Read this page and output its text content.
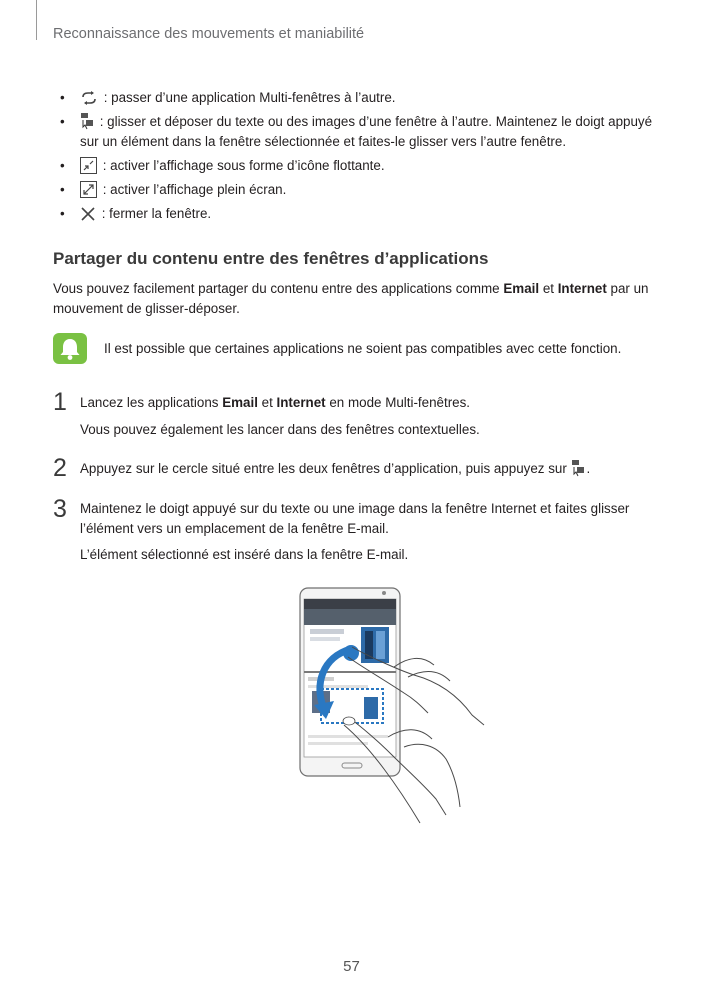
Reconnaissance des mouvements et maniabilité
•	: passer d’une application Multi-fenêtres à l’autre.
• : glisser et déposer du texte ou des images d’une fenêtre à l’autre. Maintenez le doigt appuyé sur un élément dans la fenêtre sélectionnée et faites-le glisser vers l’autre fenêtre.
•	: activer l’affichage sous forme d’icône flottante.
•	: activer l’affichage plein écran.
• : fermer la fenêtre.
Partager du contenu entre des fenêtres d’applications

Vous pouvez facilement partager du contenu entre des applications comme Email et Internet par un mouvement de glisser-déposer.

Il est possible que certaines applications ne soient pas compatibles avec cette fonction.

1 Lancez les applications Email et Internet en mode Multi-fenêtres.

Vous pouvez également les lancer dans des fenêtres contextuelles.

2 Appuyez sur le cercle situé entre les deux fenêtres d’application, puis appuyez sur .

3 Maintenez le doigt appuyé sur du texte ou une image dans la fenêtre Internet et faites glisser l’élément vers un emplacement de la fenêtre E-mail.

L’élément sélectionné est inséré dans la fenêtre E-mail.

57
